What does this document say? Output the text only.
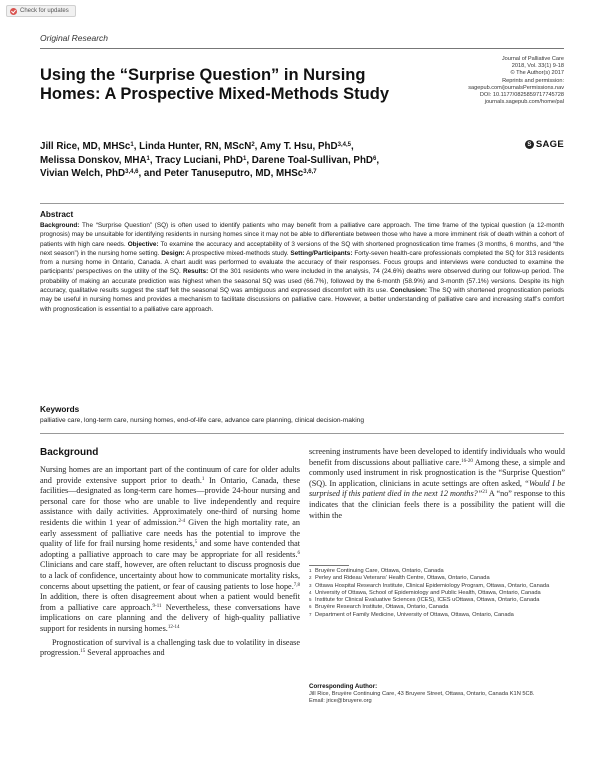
Check for updates
Original Research
Using the “Surprise Question” in Nursing Homes: A Prospective Mixed-Methods Study
Journal of Palliative Care
2018, Vol. 33(1) 9-18
© The Author(s) 2017
Reprints and permission:
sagepub.com/journalsPermissions.nav
DOI: 10.1177/0825859717745728
journals.sagepub.com/home/pal
S SAGE
Jill Rice, MD, MHSc$^1$, Linda Hunter, RN, MScN$^2$, Amy T. Hsu, PhD$^{3,4,5}$,
Melissa Donskov, MHA$^1$, Tracy Luciani, PhD$^1$, Darene Toal-Sullivan, PhD$^6$,
Vivian Welch, PhD$^{3,4,6}$, and Peter Tanuseputro, MD, MHSc$^{3,6,7}$
Abstract
Background: The “Surprise Question” (SQ) is often used to identify patients who may benefit from a palliative care approach. The time frame of the typical question (a 12-month prognosis) may be unsuitable for identifying residents in nursing homes since it may not be able to differentiate between those who have a more imminent risk of death within a cohort of patients with high care needs. Objective: To examine the accuracy and acceptability of 3 versions of the SQ with shortened prognostication time frames (3 months, 6 months, and “the next season”) in the nursing home setting. Design: A prospective mixed-methods study. Setting/Participants: Forty-seven health-care professionals completed the SQ for 313 residents from a nursing home in Ontario, Canada. A chart audit was performed to evaluate the accuracy of their responses. Focus groups and interviews were conducted to examine the participants’ perspectives on the utility of the SQ. Results: Of the 301 residents who were included in the analysis, 74 (24.6%) deaths were observed during our follow-up period. The probability of making an accurate prediction was highest when the seasonal SQ was used (66.7%), followed by the 6-month (58.9%) and 3-month (57.1%) versions. Despite its high accuracy, qualitative results suggest the staff felt the seasonal SQ was ambiguous and expressed discomfort with its use. Conclusion: The SQ with shortened prognostication periods may be useful in nursing homes and provides a mechanism to facilitate discussions on palliative care. However, a better understanding of palliative care and increasing staff’s comfort with prognostication is essential to a palliative care approach.
Keywords
palliative care, long-term care, nursing homes, end-of-life care, advance care planning, clinical decision-making
Background

Nursing homes are an important part of the continuum of care for older adults and provide extensive support prior to death.$^1$ In Ontario, Canada, these facilities—designated as long-term care homes—provide 24-hour nursing and personal care for those who are unable to live independently and require assistance with daily activities. Approximately one-third of nursing home residents die within 1 year of admission.$^{2-4}$ Given the high mortality rate, an early assessment of palliative care needs has the potential to improve the quality of life for frail nursing home residents,$^5$ and some have contended that adopting a palliative approach to care may be appropriate for all residents.$^6$ Clinicians and care staff, however, are often reluctant to discuss prognosis due to a lack of confidence, uncertainty about how to communicate mortality risks, concerns about upsetting the patient, or fear of causing patients to lose hope.$^{7,8}$ In addition, there is often disagreement about when a patient would benefit from a palliative care approach.$^{9-11}$ Nevertheless, these conversations have implications on care planning and the delivery of high-quality palliative support for residents in nursing homes.$^{12-14}$

Prognostication of survival is a challenging task due to volatility in disease progression.$^{15}$ Several approaches and

screening instruments have been developed to identify individuals who would benefit from discussions about palliative care.$^{16-20}$ Among these, a simple and commonly used instrument in risk prognostication is the “Surprise Question” (SQ). In application, clinicians in acute settings are often asked, “Would I be surprised if this patient died in the next 12 months?”$^{21}$ A “no” response to this indicates that the clinician feels there is a possibility the patient will die within the
1 Bruyère Continuing Care, Ottawa, Ontario, Canada
2 Perley and Rideau Veterans’ Health Centre, Ottawa, Ontario, Canada
3 Ottawa Hospital Research Institute, Clinical Epidemiology Program, Ottawa, Ontario, Canada
4 University of Ottawa, School of Epidemiology and Public Health, Ottawa, Ontario, Canada
5 Institute for Clinical Evaluative Sciences (ICES), ICES uOttawa, Ottawa, Ontario, Canada
6 Bruyère Research Institute, Ottawa, Ontario, Canada
7 Department of Family Medicine, University of Ottawa, Ottawa, Ontario, Canada
Corresponding Author:
Jill Rice, Bruyère Continuing Care, 43 Bruyere Street, Ottawa, Ontario, Canada K1N 5C8.
Email: jrice@bruyere.org
